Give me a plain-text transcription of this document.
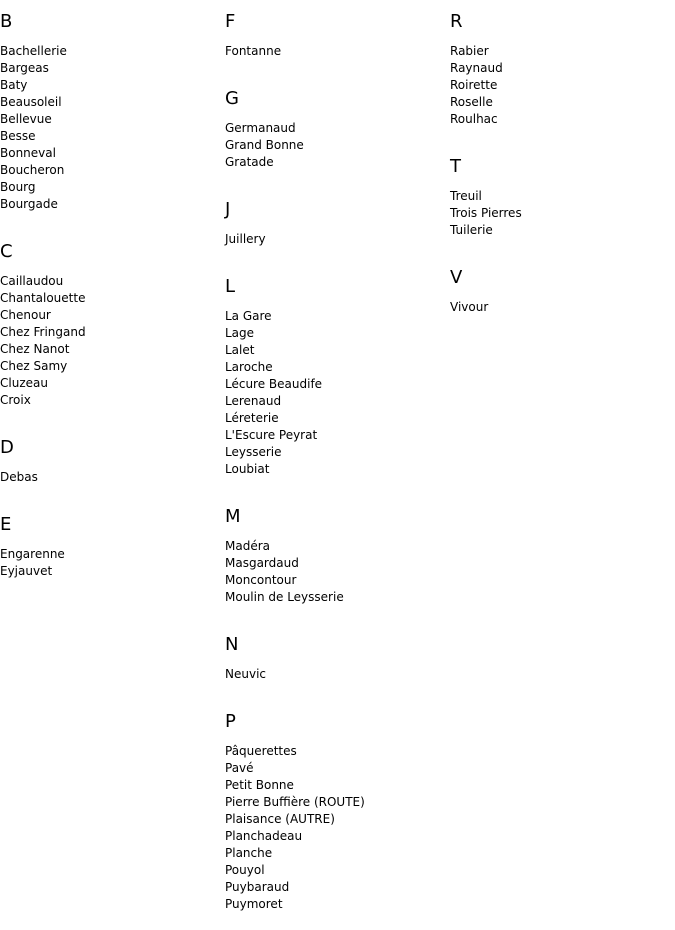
B
Bachellerie
Bargeas
Baty
Beausoleil
Bellevue
Besse
Bonneval
Boucheron
Bourg
Bourgade
C
Caillaudou
Chantalouette
Chenour
Chez Fringand
Chez Nanot
Chez Samy
Cluzeau
Croix
D
Debas
E
Engarenne
Eyjauvet
F
Fontanne
G
Germanaud
Grand Bonne
Gratade
J
Juillery
L
La Gare
Lage
Lalet
Laroche
Lécure Beaudife
Lerenaud
Léreterie
L'Escure Peyrat
Leysserie
Loubiat
M
Madéra
Masgardaud
Moncontour
Moulin de Leysserie
N
Neuvic
P
Pâquerettes
Pavé
Petit Bonne
Pierre Buffière (ROUTE)
Plaisance (AUTRE)
Planchadeau
Planche
Pouyol
Puybaraud
Puymoret
R
Rabier
Raynaud
Roirette
Roselle
Roulhac
T
Treuil
Trois Pierres
Tuilerie
V
Vivour
